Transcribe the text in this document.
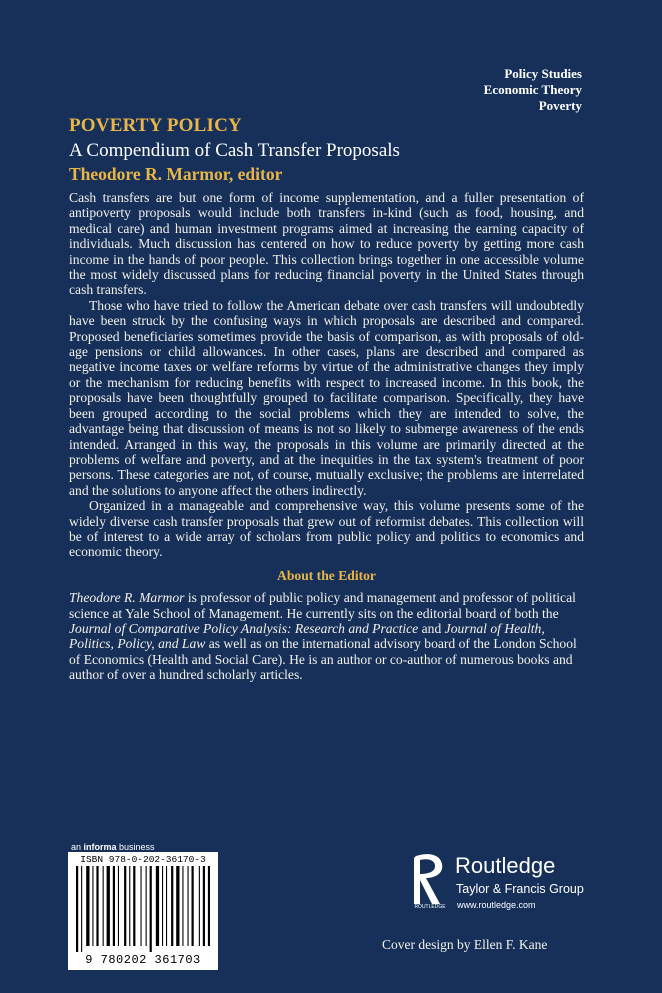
Policy Studies
Economic Theory
Poverty
POVERTY POLICY
A Compendium of Cash Transfer Proposals
Theodore R. Marmor, editor

Cash transfers are but one form of income supplementation, and a fuller presentation of antipoverty proposals would include both transfers in-kind (such as food, housing, and medical care) and human investment programs aimed at increasing the earning capacity of individuals. Much discussion has centered on how to reduce poverty by getting more cash income in the hands of poor people. This collection brings together in one accessible volume the most widely discussed plans for reducing financial poverty in the United States through cash transfers.

Those who have tried to follow the American debate over cash transfers will undoubtedly have been struck by the confusing ways in which proposals are described and compared. Proposed beneficiaries sometimes provide the basis of comparison, as with proposals of old-age pensions or child allowances. In other cases, plans are described and compared as negative income taxes or welfare reforms by virtue of the administrative changes they imply or the mechanism for reducing benefits with respect to increased income. In this book, the proposals have been thoughtfully grouped to facilitate comparison. Specifically, they have been grouped according to the social problems which they are intended to solve, the advantage being that discussion of means is not so likely to submerge awareness of the ends intended. Arranged in this way, the proposals in this volume are primarily directed at the problems of welfare and poverty, and at the inequities in the tax system's treatment of poor persons. These categories are not, of course, mutually exclusive; the problems are interrelated and the solutions to anyone affect the others indirectly.

Organized in a manageable and comprehensive way, this volume presents some of the widely diverse cash transfer proposals that grew out of reformist debates. This collection will be of interest to a wide array of scholars from public policy and politics to economics and economic theory.

About the Editor

Theodore R. Marmor is professor of public policy and management and professor of political science at Yale School of Management. He currently sits on the editorial board of both the Journal of Comparative Policy Analysis: Research and Practice and Journal of Health, Politics, Policy, and Law as well as on the international advisory board of the London School of Economics (Health and Social Care). He is an author or co-author of numerous books and author of over a hundred scholarly articles.

an informa business
ISBN 978-0-202-36170-3
9 780202 361703
ROUTLEDGE
Routledge
Taylor & Francis Group
www.routledge.com
Cover design by Ellen F. Kane
